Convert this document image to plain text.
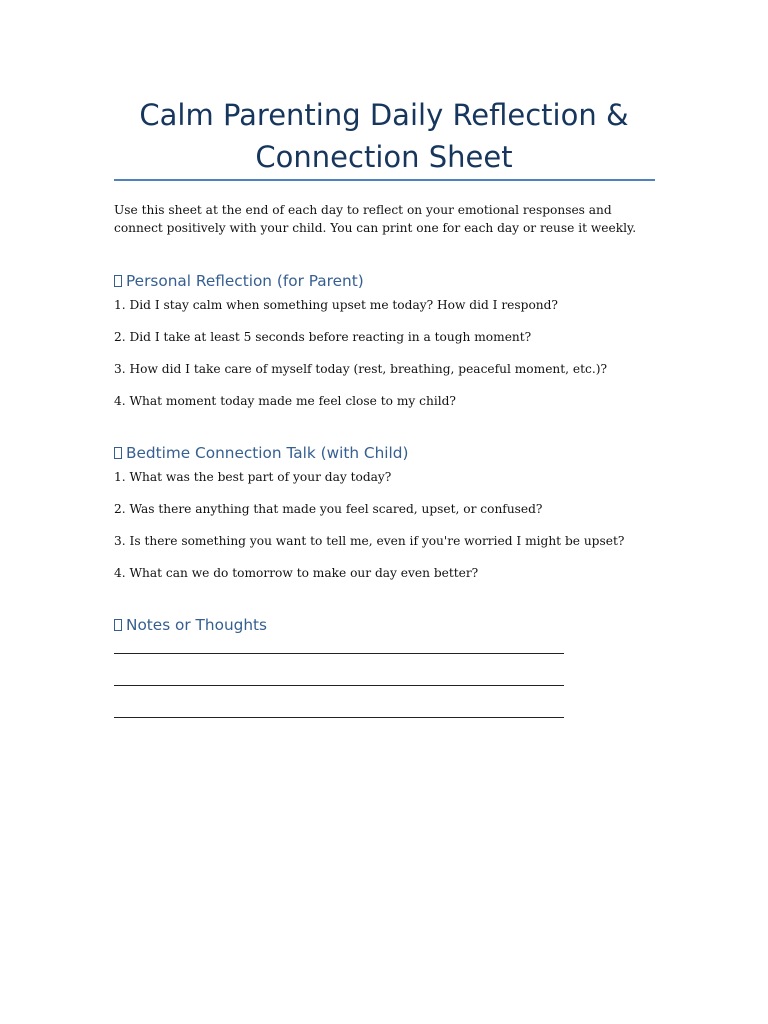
Calm Parenting Daily Reflection & Connection Sheet

Use this sheet at the end of each day to reflect on your emotional responses and connect positively with your child. You can print one for each day or reuse it weekly.

Personal Reflection (for Parent)

1. Did I stay calm when something upset me today? How did I respond?

2. Did I take at least 5 seconds before reacting in a tough moment?

3. How did I take care of myself today (rest, breathing, peaceful moment, etc.)?

4. What moment today made me feel close to my child?

Bedtime Connection Talk (with Child)

1. What was the best part of your day today?

2. Was there anything that made you feel scared, upset, or confused?

3. Is there something you want to tell me, even if you're worried I might be upset?

4. What can we do tomorrow to make our day even better?

Notes or Thoughts
